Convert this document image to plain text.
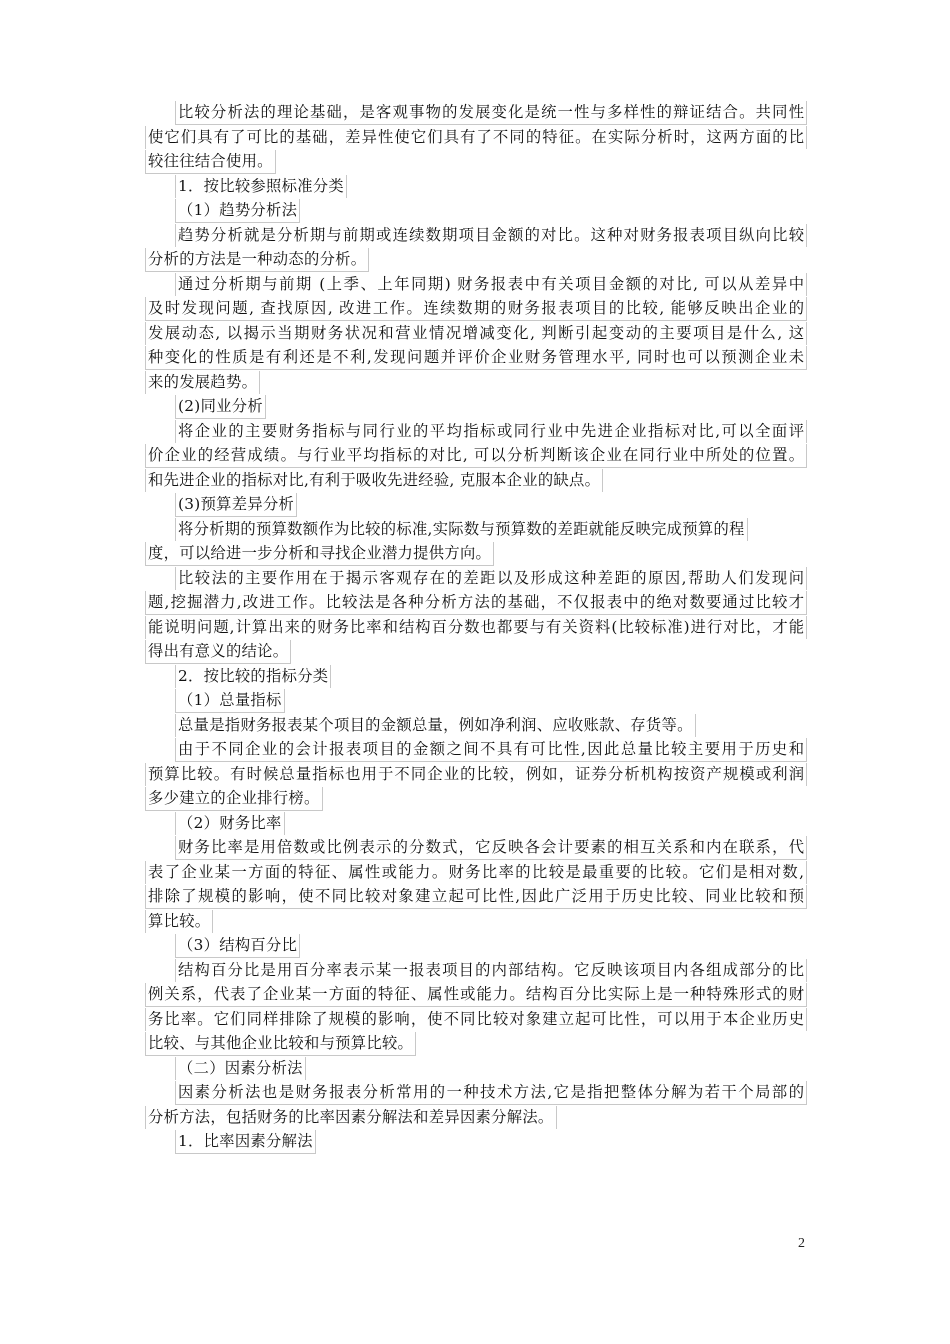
比较分析法的理论基础，是客观事物的发展变化是统一性与多样性的辩证结合。共同性
使它们具有了可比的基础，差异性使它们具有了不同的特征。在实际分析时，这两方面的比
较往往结合使用。
1．按比较参照标准分类
（1）趋势分析法
趋势分析就是分析期与前期或连续数期项目金额的对比。这种对财务报表项目纵向比较
分析的方法是一种动态的分析。
通过分析期与前期 (上季、上年同期) 财务报表中有关项目金额的对比, 可以从差异中
及时发现问题, 查找原因, 改进工作。连续数期的财务报表项目的比较, 能够反映出企业的
发展动态, 以揭示当期财务状况和营业情况增减变化, 判断引起变动的主要项目是什么, 这
种变化的性质是有利还是不利,发现问题并评价企业财务管理水平, 同时也可以预测企业未
来的发展趋势。
(2)同业分析
将企业的主要财务指标与同行业的平均指标或同行业中先进企业指标对比,可以全面评
价企业的经营成绩。与行业平均指标的对比, 可以分析判断该企业在同行业中所处的位置。
和先进企业的指标对比,有利于吸收先进经验, 克服本企业的缺点。
(3)预算差异分析
将分析期的预算数额作为比较的标准,实际数与预算数的差距就能反映完成预算的程
度，可以给进一步分析和寻找企业潜力提供方向。
比较法的主要作用在于揭示客观存在的差距以及形成这种差距的原因,帮助人们发现问
题,挖掘潜力,改进工作。比较法是各种分析方法的基础，不仅报表中的绝对数要通过比较才
能说明问题,计算出来的财务比率和结构百分数也都要与有关资料(比较标准)进行对比，才能
得出有意义的结论。
2．按比较的指标分类
（1）总量指标
总量是指财务报表某个项目的金额总量，例如净利润、应收账款、存货等。
由于不同企业的会计报表项目的金额之间不具有可比性,因此总量比较主要用于历史和
预算比较。有时候总量指标也用于不同企业的比较，例如，证券分析机构按资产规模或利润
多少建立的企业排行榜。
（2）财务比率
财务比率是用倍数或比例表示的分数式，它反映各会计要素的相互关系和内在联系，代
表了企业某一方面的特征、属性或能力。财务比率的比较是最重要的比较。它们是相对数,
排除了规模的影响，使不同比较对象建立起可比性,因此广泛用于历史比较、同业比较和预
算比较。
（3）结构百分比
结构百分比是用百分率表示某一报表项目的内部结构。它反映该项目内各组成部分的比
例关系，代表了企业某一方面的特征、属性或能力。结构百分比实际上是一种特殊形式的财
务比率。它们同样排除了规模的影响，使不同比较对象建立起可比性，可以用于本企业历史
比较、与其他企业比较和与预算比较。
（二）因素分析法
因素分析法也是财务报表分析常用的一种技术方法,它是指把整体分解为若干个局部的
分析方法，包括财务的比率因素分解法和差异因素分解法。
1．比率因素分解法
2
